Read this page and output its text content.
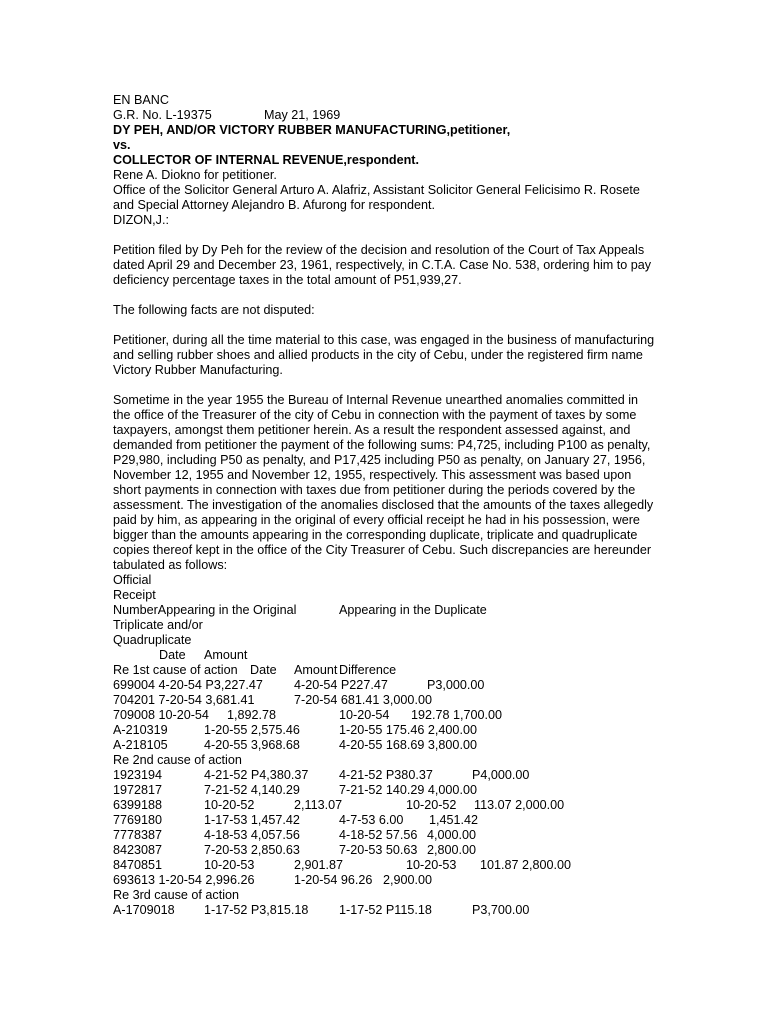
EN BANC
G.R. No. L-19375	May 21, 1969
DY PEH, AND/OR VICTORY RUBBER MANUFACTURING,petitioner,
vs.
COLLECTOR OF INTERNAL REVENUE,respondent.
Rene A. Diokno for petitioner.
Office of the Solicitor General Arturo A. Alafriz, Assistant Solicitor General Felicisimo R. Rosete
and Special Attorney Alejandro B. Afurong for respondent.
DIZON,J.:
Petition filed by Dy Peh for the review of the decision and resolution of the Court of Tax Appeals
dated April 29 and December 23, 1961, respectively, in C.T.A. Case No. 538, ordering him to pay
deficiency percentage taxes in the total amount of P51,939,27.
The following facts are not disputed:
Petitioner, during all the time material to this case, was engaged in the business of manufacturing
and selling rubber shoes and allied products in the city of Cebu, under the registered firm name
Victory Rubber Manufacturing.
Sometime in the year 1955 the Bureau of Internal Revenue unearthed anomalies committed in
the office of the Treasurer of the city of Cebu in connection with the payment of taxes by some
taxpayers, amongst them petitioner herein. As a result the respondent assessed against, and
demanded from petitioner the payment of the following sums: P4,725, including P100 as penalty,
P29,980, including P50 as penalty, and P17,425 including P50 as penalty, on January 27, 1956,
November 12, 1955 and November 12, 1955, respectively. This assessment was based upon
short payments in connection with taxes due from petitioner during the periods covered by the
assessment. The investigation of the anomalies disclosed that the amounts of the taxes allegedly
paid by him, as appearing in the original of every official receipt he had in his possession, were
bigger than the amounts appearing in the corresponding duplicate, triplicate and quadruplicate
copies thereof kept in the office of the City Treasurer of Cebu. Such discrepancies are hereunder
tabulated as follows:
Official
Receipt
NumberAppearing in the Original	Appearing in the Duplicate
Triplicate and/or
Quadruplicate
Date Amount
Re 1st cause of action Date Amount Difference
699004 4-20-54 P3,227.47 4-20-54 P227.47	P3,000.00
704201 7-20-54 3,681.41	7-20-54 681.41 3,000.00
709008 10-20-54 1,892.78	10-20-54 192.78 1,700.00
A-210319	1-20-55 2,575.46	1-20-55 175.46 2,400.00
A-218105	4-20-55 3,968.68	4-20-55 168.69 3,800.00
Re 2nd cause of action
1923194	4-21-52 P4,380.37 4-21-52 P380.37	P4,000.00
1972817	7-21-52 4,140.29	7-21-52 140.29 4,000.00
6399188	10-20-52	2,113.07	10-20-52 113.07 2,000.00
7769180	1-17-53 1,457.42	4-7-53 6.00 1,451.42
7778387	4-18-53 4,057.56	4-18-52 57.56 4,000.00
8423087	7-20-53 2,850.63	7-20-53 50.63 2,800.00
8470851	10-20-53	2,901.87	10-20-53 101.87 2,800.00
693613 1-20-54 2,996.26	1-20-54 96.26 2,900.00
Re 3rd cause of action
A-1709018 1-17-52 P3,815.18 1-17-52 P115.18	P3,700.00
